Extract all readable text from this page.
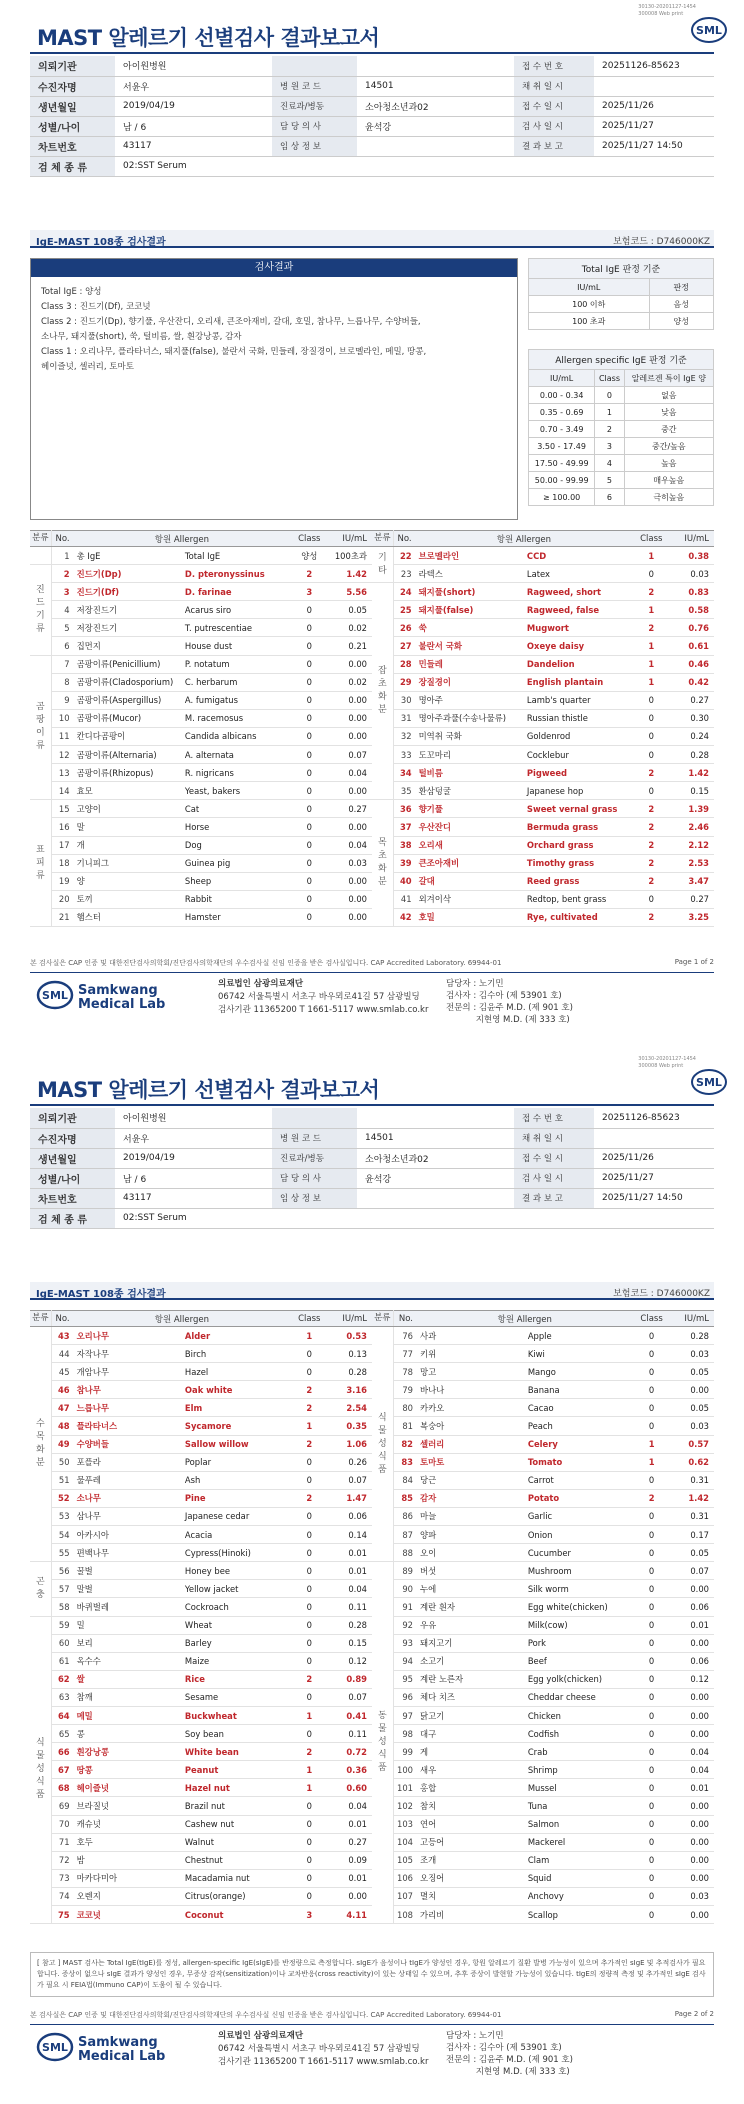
30130-20201127-1454
300008 Web print
MAST 알레르기 선별검사 결과보고서	SML
의뢰기관	아이원병원			접 수 번 호	20251126-85623
수진자명	서윤우	병 원 코 드	14501	채 취 일 시	
생년월일	2019/04/19	진료과/병동	소아청소년과02	접 수 일 시	2025/11/26
성별/나이	남 / 6	담 당 의 사	윤석강	검 사 일 시	2025/11/27
차트번호	43117	임 상 정 보		결 과 보 고	2025/11/27 14:50
검 체 종 류	02:SST Serum				
IgE-MAST 108종 검사결과	보험코드 : D746000KZ
검사결과
Total IgE : 양성
Class 3 : 진드기(Df), 코코넛
Class 2 : 진드기(Dp), 향기풀, 우산잔디, 오리새, 큰조아재비, 갈대, 호밀, 참나무, 느릅나무, 수양버들,
소나무, 돼지풀(short), 쑥, 털비름, 쌀, 흰강낭콩, 감자
Class 1 : 오리나무, 플라타너스, 돼지풀(false), 불란서 국화, 민들레, 장질경이, 브로멜라인, 메밀, 땅콩,
헤이즐넛, 셀러리, 토마토
Total IgE 판정 기준	
IU/mL	판정
100 이하	음성
100 초과	양성
Allergen specific IgE 판정 기준		
IU/mL	Class	알레르겐 특이 IgE 양
0.00 - 0.34	0	없음
0.35 - 0.69	1	낮음
0.70 - 3.49	2	중간
3.50 - 17.49	3	중간/높음
17.50 - 49.99	4	높음
50.00 - 99.99	5	매우높음
≥ 100.00	6	극히높음
분류	No.	항원 Allergen		Class	IU/mL
	1	총 IgE	Total IgE	양성	100초과
진드기류	2	진드기(Dp)	D. pteronyssinus	2	1.42
	3	진드기(Df)	D. farinae	3	5.56
	4	저장진드기	Acarus siro	0	0.05
	5	저장진드기	T. putrescentiae	0	0.02
	6	집먼지	House dust	0	0.21
곰팡이류	7	곰팡이류(Penicillium)	P. notatum	0	0.00
	8	곰팡이류(Cladosporium)	C. herbarum	0	0.02
	9	곰팡이류(Aspergillus)	A. fumigatus	0	0.00
	10	곰팡이류(Mucor)	M. racemosus	0	0.00
	11	칸디다곰팡이	Candida albicans	0	0.00
	12	곰팡이류(Alternaria)	A. alternata	0	0.07
	13	곰팡이류(Rhizopus)	R. nigricans	0	0.04
	14	효모	Yeast, bakers	0	0.00
표피류	15	고양이	Cat	0	0.27
	16	말	Horse	0	0.00
	17	개	Dog	0	0.04
	18	기니피그	Guinea pig	0	0.03
	19	양	Sheep	0	0.00
	20	토끼	Rabbit	0	0.00
	21	햄스터	Hamster	0	0.00
분류	No.	항원 Allergen		Class	IU/mL
기타	22	브로멜라인	CCD	1	0.38
	23	라텍스	Latex	0	0.03
잡초화분	24	돼지풀(short)	Ragweed, short	2	0.83
	25	돼지풀(false)	Ragweed, false	1	0.58
	26	쑥	Mugwort	2	0.76
	27	불란서 국화	Oxeye daisy	1	0.61
	28	민들레	Dandelion	1	0.46
	29	장질경이	English plantain	1	0.42
	30	명아주	Lamb's quarter	0	0.27
	31	명아주과풀(수송나물류)	Russian thistle	0	0.30
	32	미역취 국화	Goldenrod	0	0.24
	33	도꼬마리	Cocklebur	0	0.28
	34	털비름	Pigweed	2	1.42
	35	환삼덩굴	Japanese hop	0	0.15
목초화분	36	향기풀	Sweet vernal grass	2	1.39
	37	우산잔디	Bermuda grass	2	2.46
	38	오리새	Orchard grass	2	2.12
	39	큰조아재비	Timothy grass	2	2.53
	40	갈대	Reed grass	2	3.47
	41	외겨이삭	Redtop, bent grass	0	0.27
	42	호밀	Rye, cultivated	2	3.25
본 검사실은 CAP 인증 및 대한진단검사의학회/진단검사의학재단의 우수검사실 신임 인증을 받은 검사실입니다. CAP Accredited Laboratory. 69944-01	Page 1 of 2
SML Samkwang
Medical Lab
의료법인 삼광의료재단
06742 서울특별시 서초구 바우뫼로41길 57 삼광빌딩
검사기관 11365200 T 1661-5117 www.smlab.co.kr
담당자 : 노기민
검사자 : 김수아 (제 53901 호)
전문의 : 김윤주 M.D. (제 901 호)
지현영 M.D. (제 333 호)
30130-20201127-1454
300008 Web print
MAST 알레르기 선별검사 결과보고서	SML
의뢰기관	아이원병원			접 수 번 호	20251126-85623
수진자명	서윤우	병 원 코 드	14501	채 취 일 시	
생년월일	2019/04/19	진료과/병동	소아청소년과02	접 수 일 시	2025/11/26
성별/나이	남 / 6	담 당 의 사	윤석강	검 사 일 시	2025/11/27
차트번호	43117	임 상 정 보		결 과 보 고	2025/11/27 14:50
검 체 종 류	02:SST Serum				
IgE-MAST 108종 검사결과	보험코드 : D746000KZ
분류	No.	항원 Allergen		Class	IU/mL
수목화분	43	오리나무	Alder	1	0.53
	44	자작나무	Birch	0	0.13
	45	개암나무	Hazel	0	0.28
	46	참나무	Oak white	2	3.16
	47	느릅나무	Elm	2	2.54
	48	플라타너스	Sycamore	1	0.35
	49	수양버들	Sallow willow	2	1.06
	50	포플라	Poplar	0	0.26
	51	물푸레	Ash	0	0.07
	52	소나무	Pine	2	1.47
	53	삼나무	Japanese cedar	0	0.06
	54	아카시아	Acacia	0	0.14
	55	편백나무	Cypress(Hinoki)	0	0.01
곤충	56	꿀벌	Honey bee	0	0.01
	57	말벌	Yellow jacket	0	0.04
	58	바퀴벌레	Cockroach	0	0.11
식물성식품	59	밀	Wheat	0	0.28
	60	보리	Barley	0	0.15
	61	옥수수	Maize	0	0.12
	62	쌀	Rice	2	0.89
	63	참깨	Sesame	0	0.07
	64	메밀	Buckwheat	1	0.41
	65	콩	Soy bean	0	0.11
	66	흰강낭콩	White bean	2	0.72
	67	땅콩	Peanut	1	0.36
	68	헤이즐넛	Hazel nut	1	0.60
	69	브라질넛	Brazil nut	0	0.04
	70	캐슈넛	Cashew nut	0	0.01
	71	호두	Walnut	0	0.27
	72	밤	Chestnut	0	0.09
	73	마카다미아	Macadamia nut	0	0.01
	74	오렌지	Citrus(orange)	0	0.00
	75	코코넛	Coconut	3	4.11
분류	No.	항원 Allergen		Class	IU/mL
식물성식품	76	사과	Apple	0	0.28
	77	키위	Kiwi	0	0.03
	78	망고	Mango	0	0.05
	79	바나나	Banana	0	0.00
	80	카카오	Cacao	0	0.05
	81	복숭아	Peach	0	0.03
	82	셀러리	Celery	1	0.57
	83	토마토	Tomato	1	0.62
	84	당근	Carrot	0	0.31
	85	감자	Potato	2	1.42
	86	마늘	Garlic	0	0.31
	87	양파	Onion	0	0.17
	88	오이	Cucumber	0	0.05
동물성식품	89	버섯	Mushroom	0	0.07
	90	누에	Silk worm	0	0.00
	91	계란 흰자	Egg white(chicken)	0	0.06
	92	우유	Milk(cow)	0	0.01
	93	돼지고기	Pork	0	0.00
	94	소고기	Beef	0	0.06
	95	계란 노른자	Egg yolk(chicken)	0	0.12
	96	체다 치즈	Cheddar cheese	0	0.00
	97	닭고기	Chicken	0	0.00
	98	대구	Codfish	0	0.00
	99	게	Crab	0	0.04
	100	새우	Shrimp	0	0.04
	101	홍합	Mussel	0	0.01
	102	참치	Tuna	0	0.00
	103	연어	Salmon	0	0.00
	104	고등어	Mackerel	0	0.00
	105	조개	Clam	0	0.00
	106	오징어	Squid	0	0.00
	107	멸치	Anchovy	0	0.03
	108	가리비	Scallop	0	0.00
[ 참고 ] MAST 검사는 Total IgE(tIgE)를 정성, allergen-specific IgE(sIgE)를 반정량으로 측정합니다. sIgE가 음성이나 tIgE가 양성인 경우, 항원 알레르기 질환 발병 가능성이 있으며 추가적인 sIgE 및 추적검사가 필요합니다. 증상이 없으나 sIgE 결과가 양성인 경우, 무증상 감작(sensitization)이나 교차반응(cross reactivity)이 있는 상태일 수 있으며, 추후 증상이 발현할 가능성이 있습니다. tIgE의 정량적 측정 및 추가적인 sIgE 검사가 필요 시 FEIA법(Immuno CAP)이 도움이 될 수 있습니다.
본 검사실은 CAP 인증 및 대한진단검사의학회/진단검사의학재단의 우수검사실 신임 인증을 받은 검사실입니다. CAP Accredited Laboratory. 69944-01	Page 2 of 2
SML Samkwang
Medical Lab
의료법인 삼광의료재단
06742 서울특별시 서초구 바우뫼로41길 57 삼광빌딩
검사기관 11365200 T 1661-5117 www.smlab.co.kr
담당자 : 노기민
검사자 : 김수아 (제 53901 호)
전문의 : 김윤주 M.D. (제 901 호)
지현영 M.D. (제 333 호)
